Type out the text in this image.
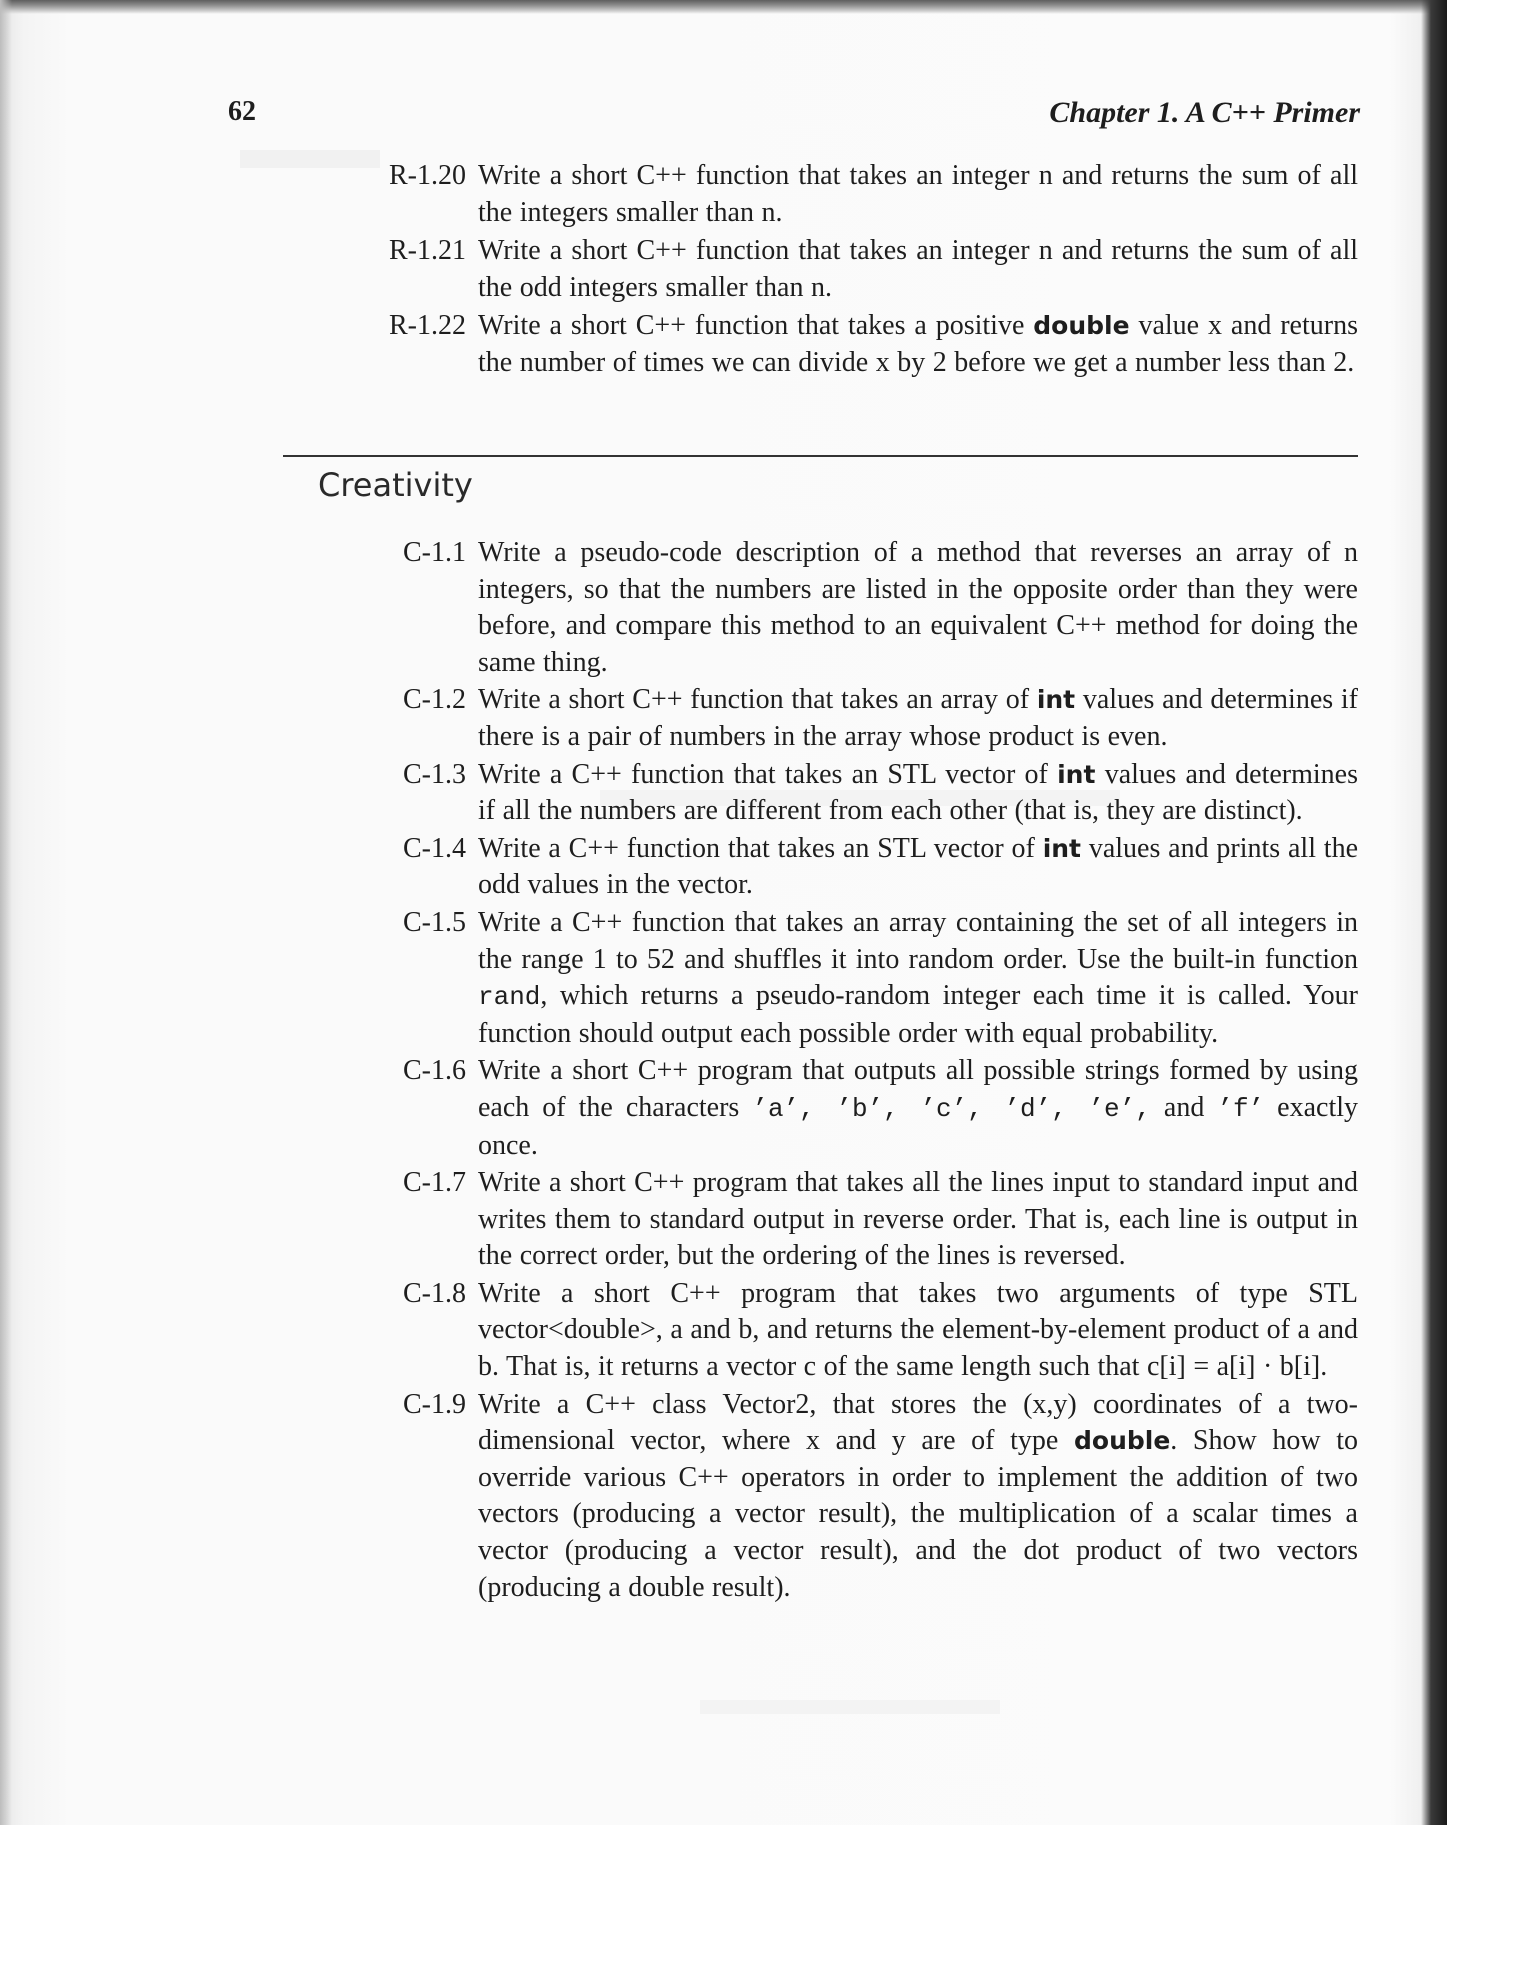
62	Chapter 1. A C++ Primer

R-1.20 Write a short C++ function that takes an integer n and returns the sum of all the integers smaller than n.
R-1.21 Write a short C++ function that takes an integer n and returns the sum of all the odd integers smaller than n.
R-1.22 Write a short C++ function that takes a positive double value x and returns the number of times we can divide x by 2 before we get a number less than 2.
Creativity
C-1.1 Write a pseudo-code description of a method that reverses an array of n integers, so that the numbers are listed in the opposite order than they were before, and compare this method to an equivalent C++ method for doing the same thing.
C-1.2 Write a short C++ function that takes an array of int values and determines if there is a pair of numbers in the array whose product is even.
C-1.3 Write a C++ function that takes an STL vector of int values and determines if all the numbers are different from each other (that is, they are distinct).
C-1.4 Write a C++ function that takes an STL vector of int values and prints all the odd values in the vector.
C-1.5 Write a C++ function that takes an array containing the set of all integers in the range 1 to 52 and shuffles it into random order. Use the built-in function rand, which returns a pseudo-random integer each time it is called. Your function should output each possible order with equal probability.
C-1.6 Write a short C++ program that outputs all possible strings formed by using each of the characters ’a’, ’b’, ’c’, ’d’, ’e’, and ’f’ exactly once.
C-1.7 Write a short C++ program that takes all the lines input to standard input and writes them to standard output in reverse order. That is, each line is output in the correct order, but the ordering of the lines is reversed.
C-1.8 Write a short C++ program that takes two arguments of type STL vector<double>, a and b, and returns the element-by-element product of a and b. That is, it returns a vector c of the same length such that c[i] = a[i] · b[i].
C-1.9 Write a C++ class Vector2, that stores the (x,y) coordinates of a two-dimensional vector, where x and y are of type double. Show how to override various C++ operators in order to implement the addition of two vectors (producing a vector result), the multiplication of a scalar times a vector (producing a vector result), and the dot product of two vectors (producing a double result).
